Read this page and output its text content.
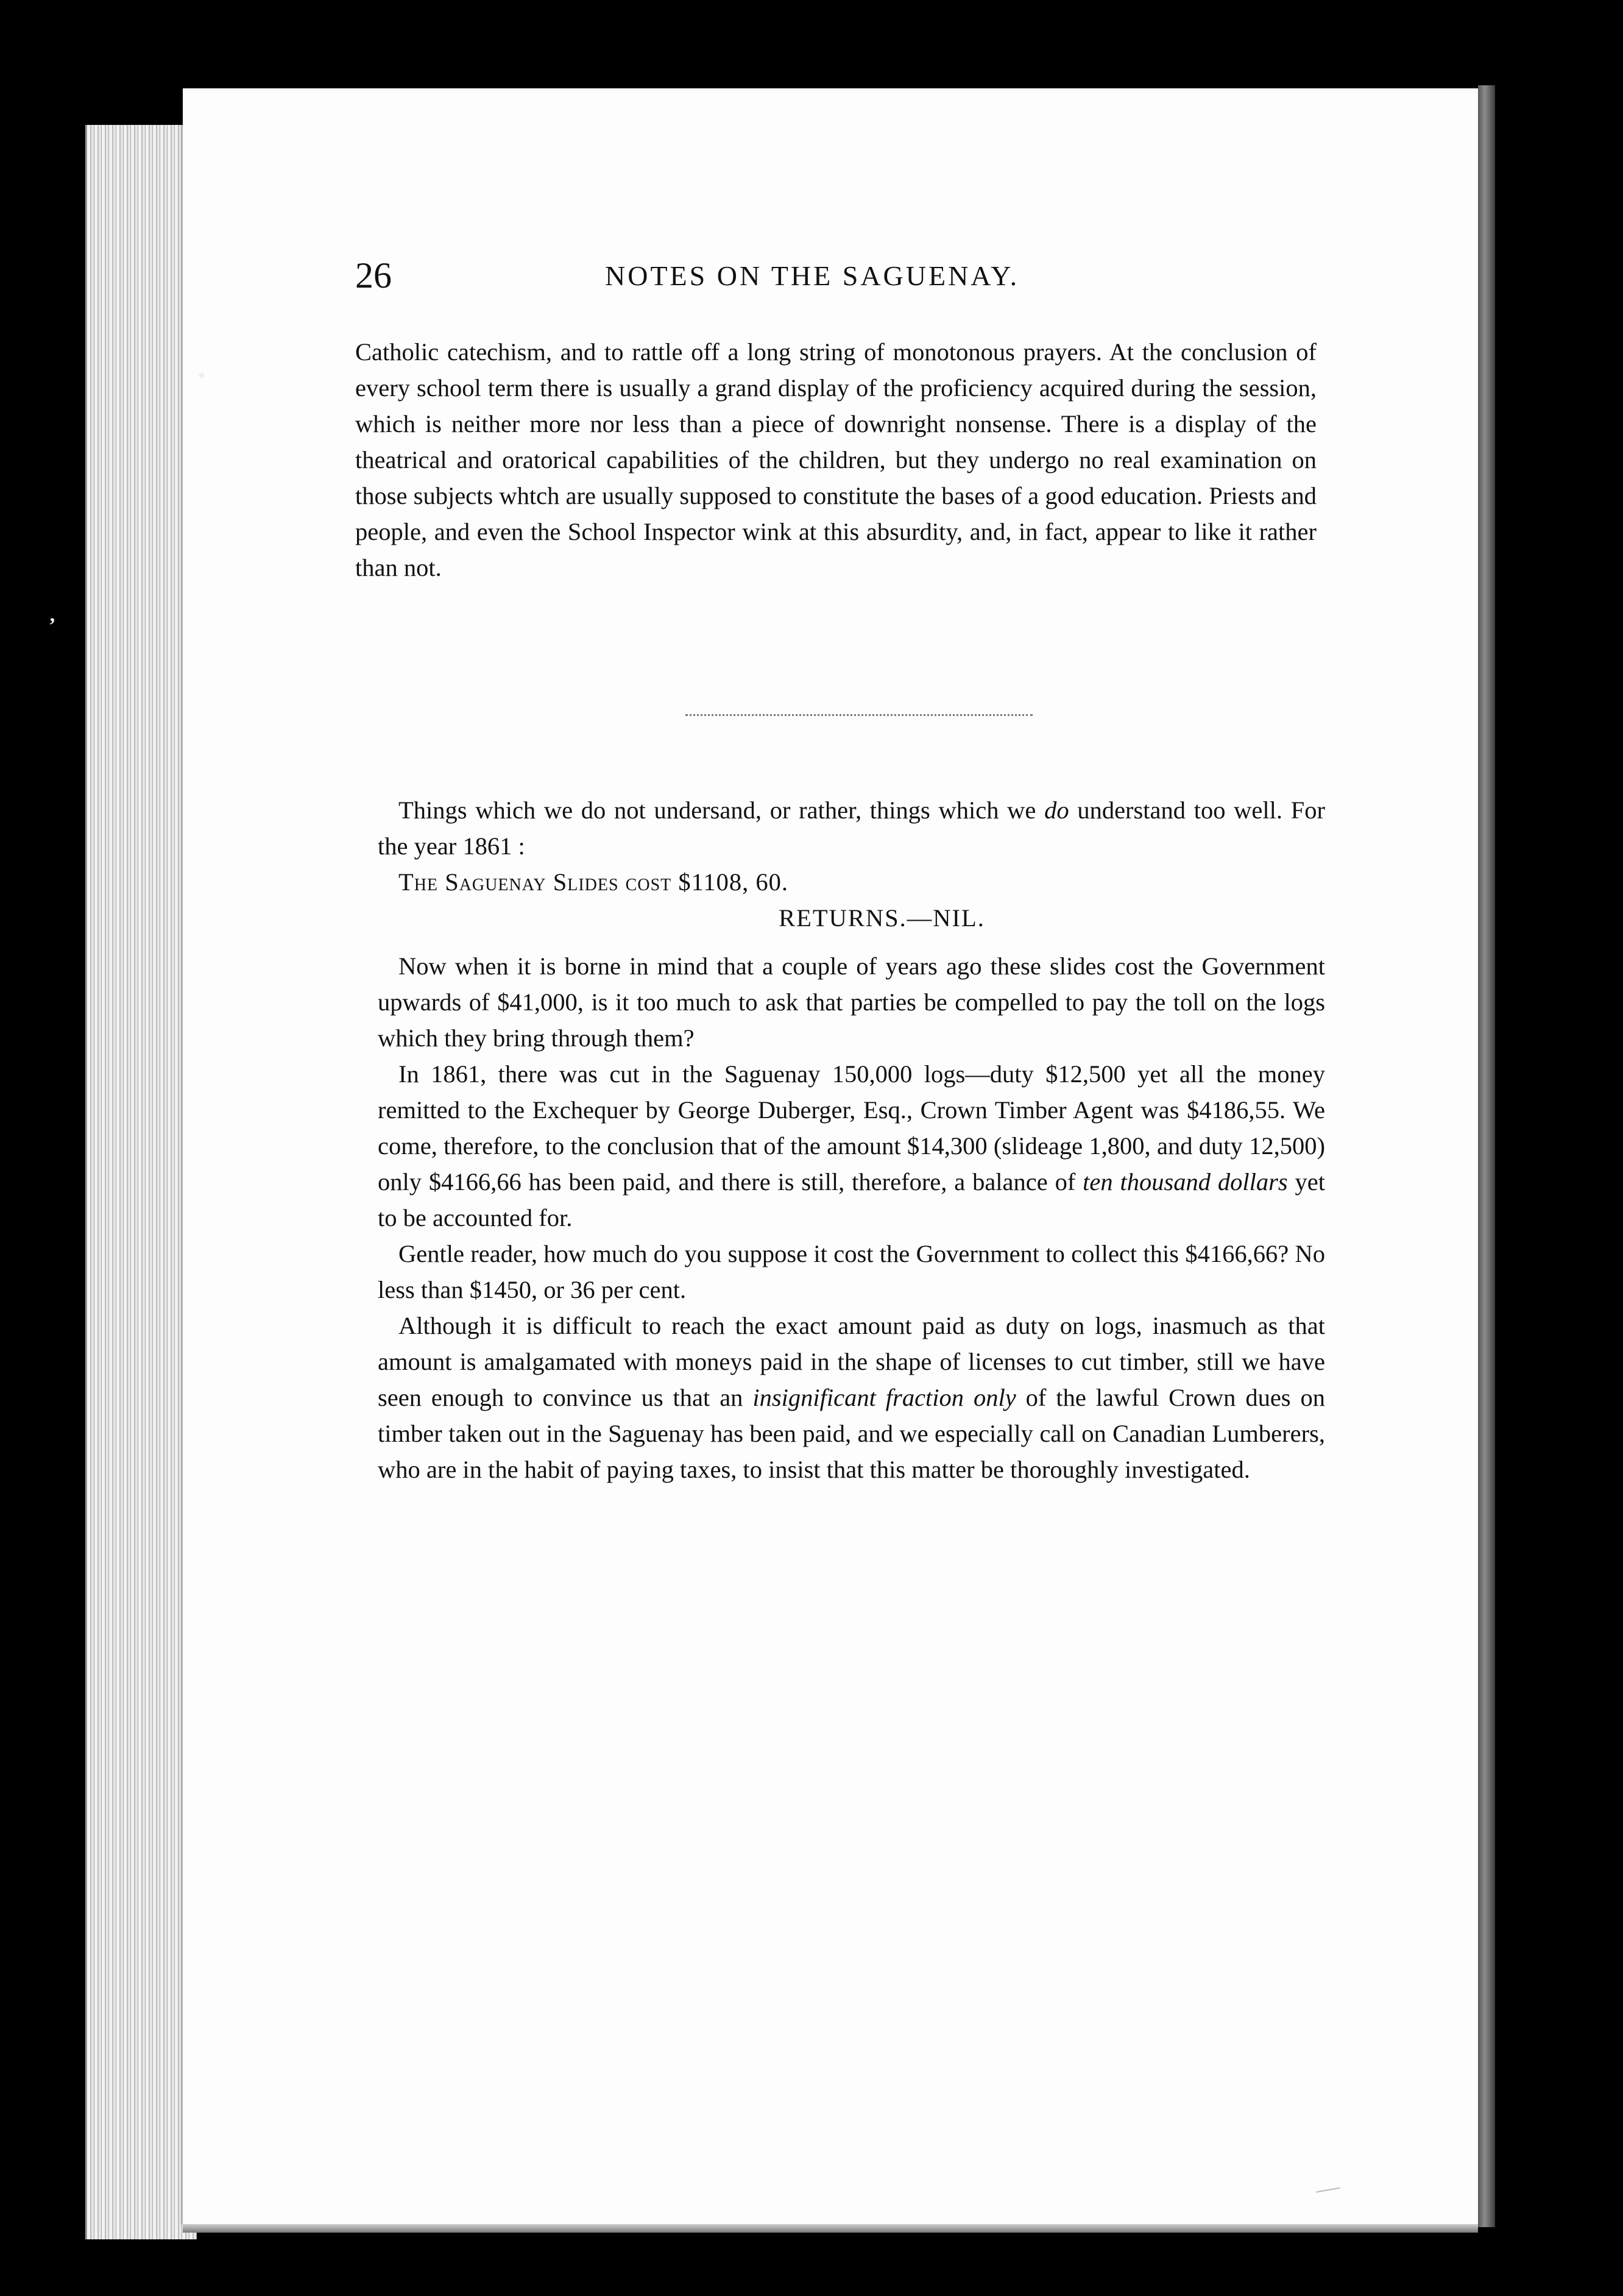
•
ʼ
26	NOTES ON THE SAGUENAY.

Catholic catechism, and to rattle off a long string of monotonous prayers. At the conclusion of every school term there is usually a grand display of the proficiency acquired during the session, which is neither more nor less than a piece of downright nonsense. There is a display of the theatrical and oratorical capabilities of the children, but they undergo no real examination on those subjects whtch are usually supposed to constitute the bases of a good education. Priests and people, and even the School Inspector wink at this absurdity, and, in fact, appear to like it rather than not.

Things which we do not undersand, or rather, things which we do understand too well. For the year 1861 :

The Saguenay Slides cost $1108, 60.

RETURNS.—NIL.

Now when it is borne in mind that a couple of years ago these slides cost the Government upwards of $41,000, is it too much to ask that parties be compelled to pay the toll on the logs which they bring through them?

In 1861, there was cut in the Saguenay 150,000 logs—duty $12,500 yet all the money remitted to the Exchequer by George Duberger, Esq., Crown Timber Agent was $4186,55. We come, therefore, to the conclusion that of the amount $14,300 (slideage 1,800, and duty 12,500) only $4166,66 has been paid, and there is still, therefore, a balance of ten thousand dollars yet to be accounted for.

Gentle reader, how much do you suppose it cost the Government to collect this $4166,66? No less than $1450, or 36 per cent.

Although it is difficult to reach the exact amount paid as duty on logs, inasmuch as that amount is amalgamated with moneys paid in the shape of licenses to cut timber, still we have seen enough to convince us that an insignificant fraction only of the lawful Crown dues on timber taken out in the Saguenay has been paid, and we especially call on Canadian Lumberers, who are in the habit of paying taxes, to insist that this matter be thoroughly investigated.
